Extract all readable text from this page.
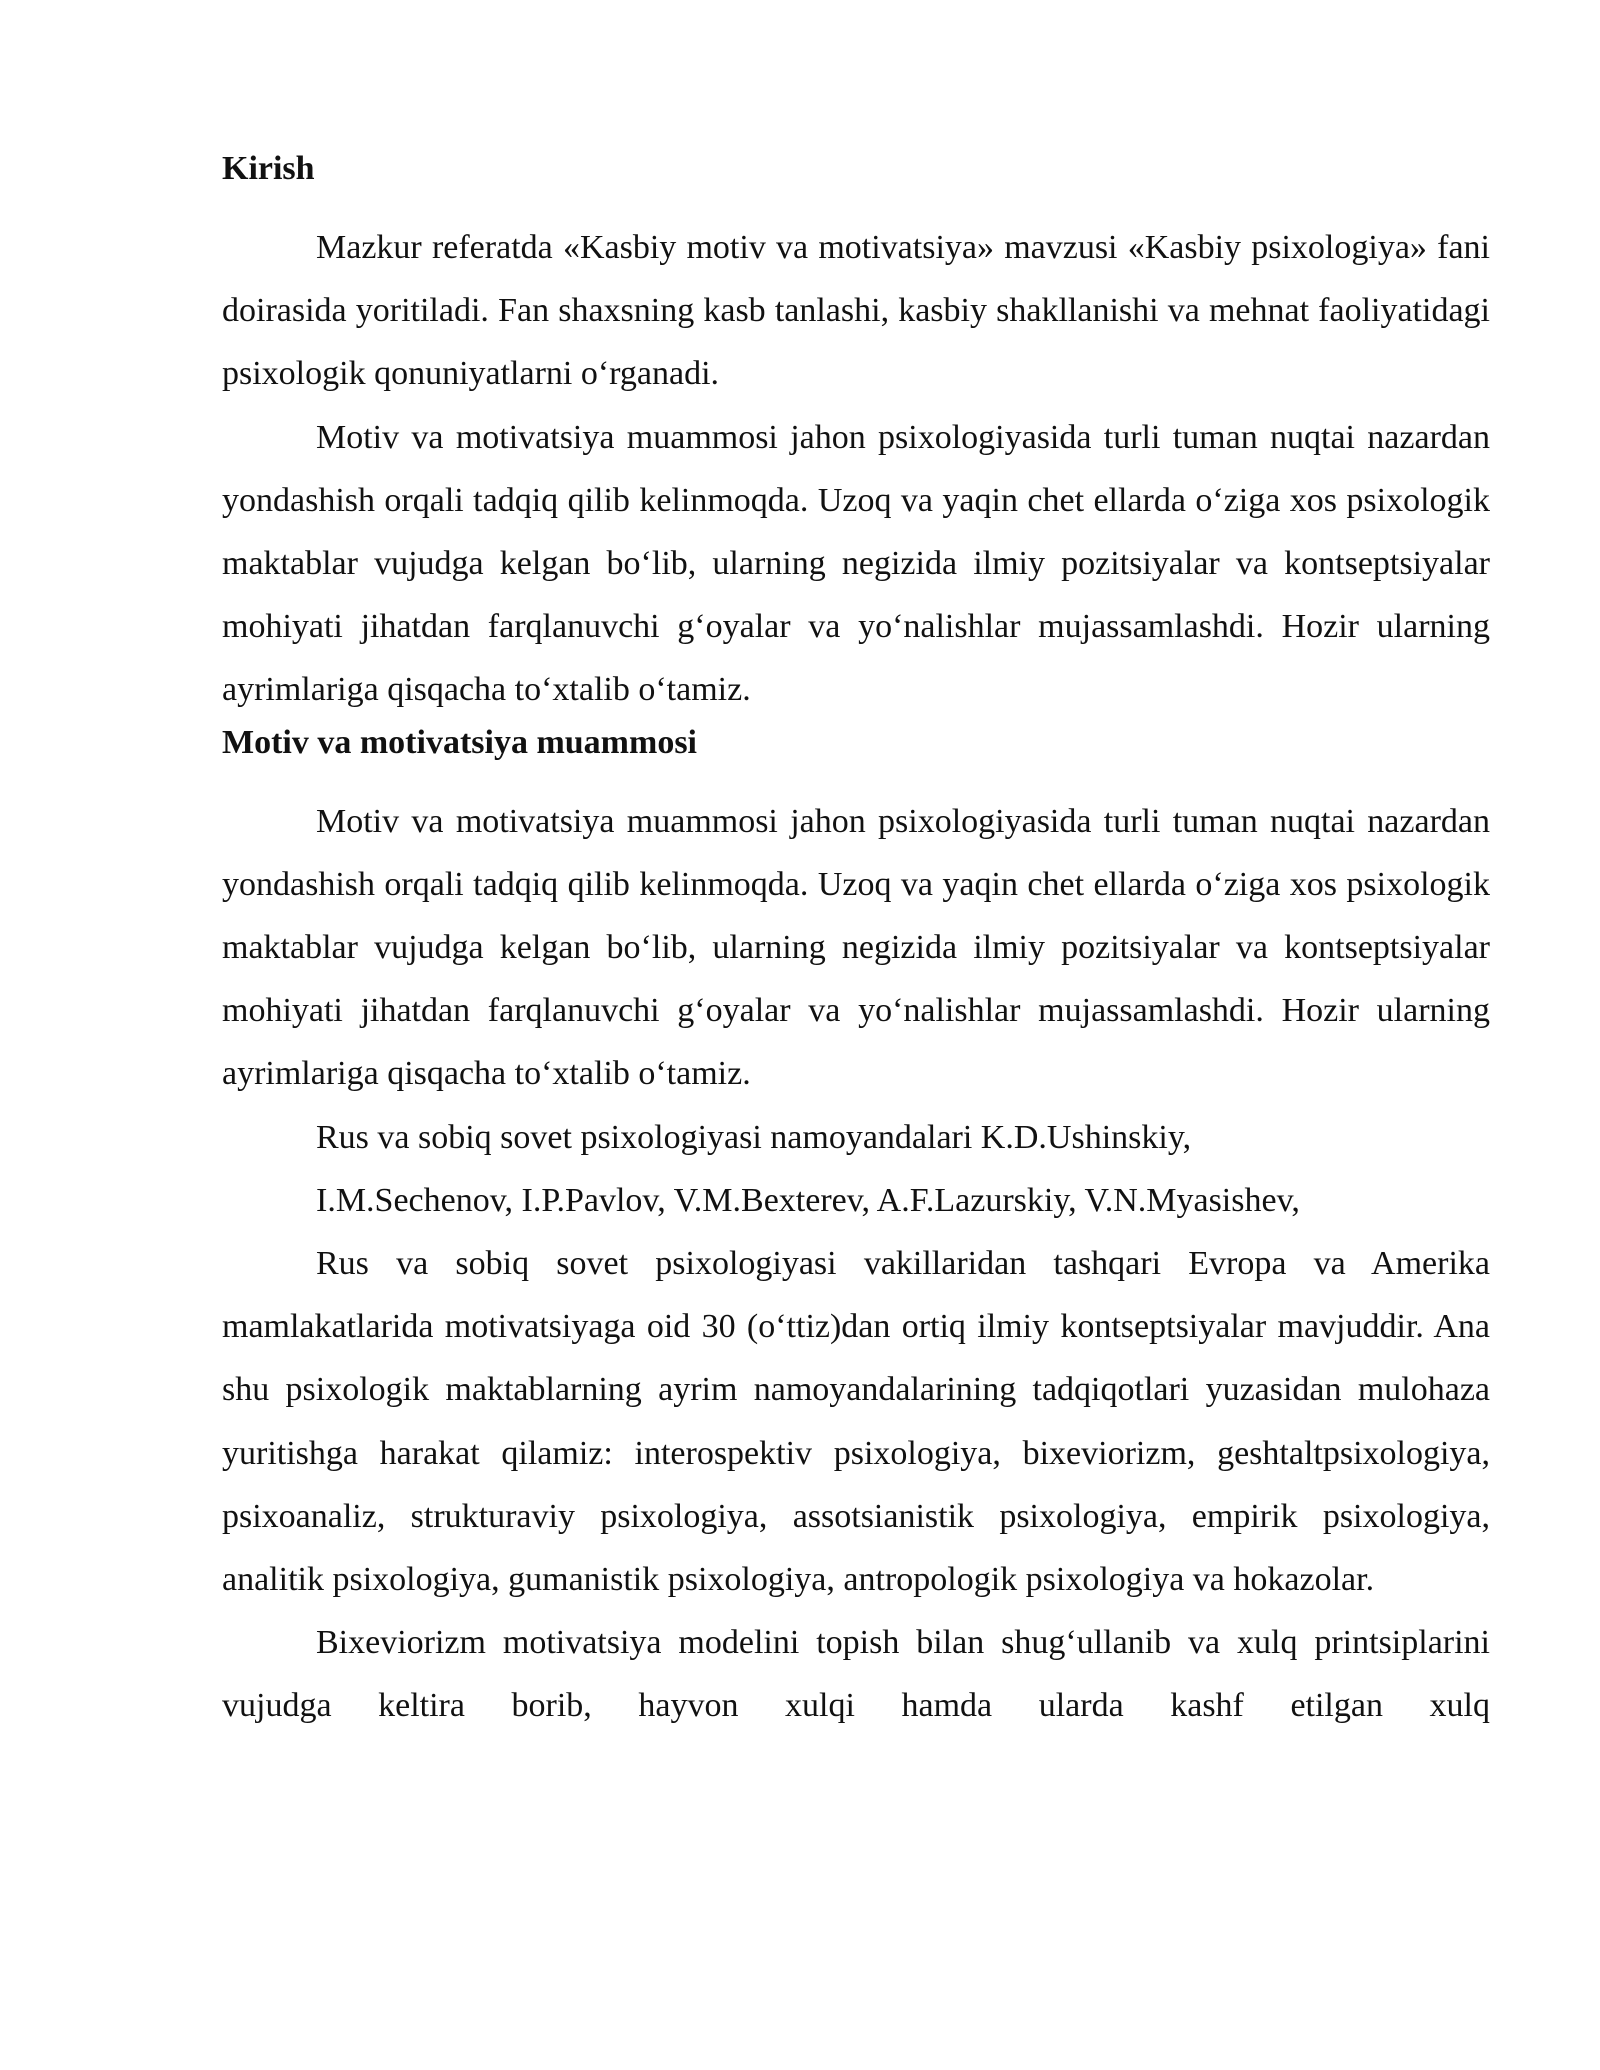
Kirish

Mazkur referatda «Kasbiy motiv va motivatsiya» mavzusi «Kasbiy psixologiya» fani doirasida yoritiladi. Fan shaxsning kasb tanlashi, kasbiy shakllanishi va mehnat faoliyatidagi psixologik qonuniyatlarni o‘rganadi.

Motiv va motivatsiya muammosi jahon psixologiyasida turli tuman nuqtai nazardan yondashish orqali tadqiq qilib kelinmoqda. Uzoq va yaqin chet ellarda o‘ziga xos psixologik maktablar vujudga kelgan bo‘lib, ularning negizida ilmiy pozitsiyalar va kontseptsiyalar mohiyati jihatdan farqlanuvchi g‘oyalar va yo‘nalishlar mujassamlashdi. Hozir ularning ayrimlariga qisqacha to‘xtalib o‘tamiz.

Motiv va motivatsiya muammosi

Motiv va motivatsiya muammosi jahon psixologiyasida turli tuman nuqtai nazardan yondashish orqali tadqiq qilib kelinmoqda. Uzoq va yaqin chet ellarda o‘ziga xos psixologik maktablar vujudga kelgan bo‘lib, ularning negizida ilmiy pozitsiyalar va kontseptsiyalar mohiyati jihatdan farqlanuvchi g‘oyalar va yo‘nalishlar mujassamlashdi. Hozir ularning ayrimlariga qisqacha to‘xtalib o‘tamiz.

Rus va sobiq sovet psixologiyasi namoyandalari K.D.Ushinskiy,

I.M.Sechenov, I.P.Pavlov, V.M.Bexterev, A.F.Lazurskiy, V.N.Myasishev,

Rus va sobiq sovet psixologiyasi vakillaridan tashqari Evropa va Amerika mamlakatlarida motivatsiyaga oid 30 (o‘ttiz)dan ortiq ilmiy kontseptsiyalar mavjuddir. Ana shu psixologik maktablarning ayrim namoyandalarining tadqiqotlari yuzasidan mulohaza yuritishga harakat qilamiz: interospektiv psixologiya, bixeviorizm, geshtaltpsixologiya, psixoanaliz, strukturaviy psixologiya, assotsianistik psixologiya, empirik psixologiya, analitik psixologiya, gumanistik psixologiya, antropologik psixologiya va hokazolar.

Bixeviorizm motivatsiya modelini topish bilan shug‘ullanib va xulq printsiplarini vujudga keltira borib, hayvon xulqi hamda ularda kashf etilgan xulq
